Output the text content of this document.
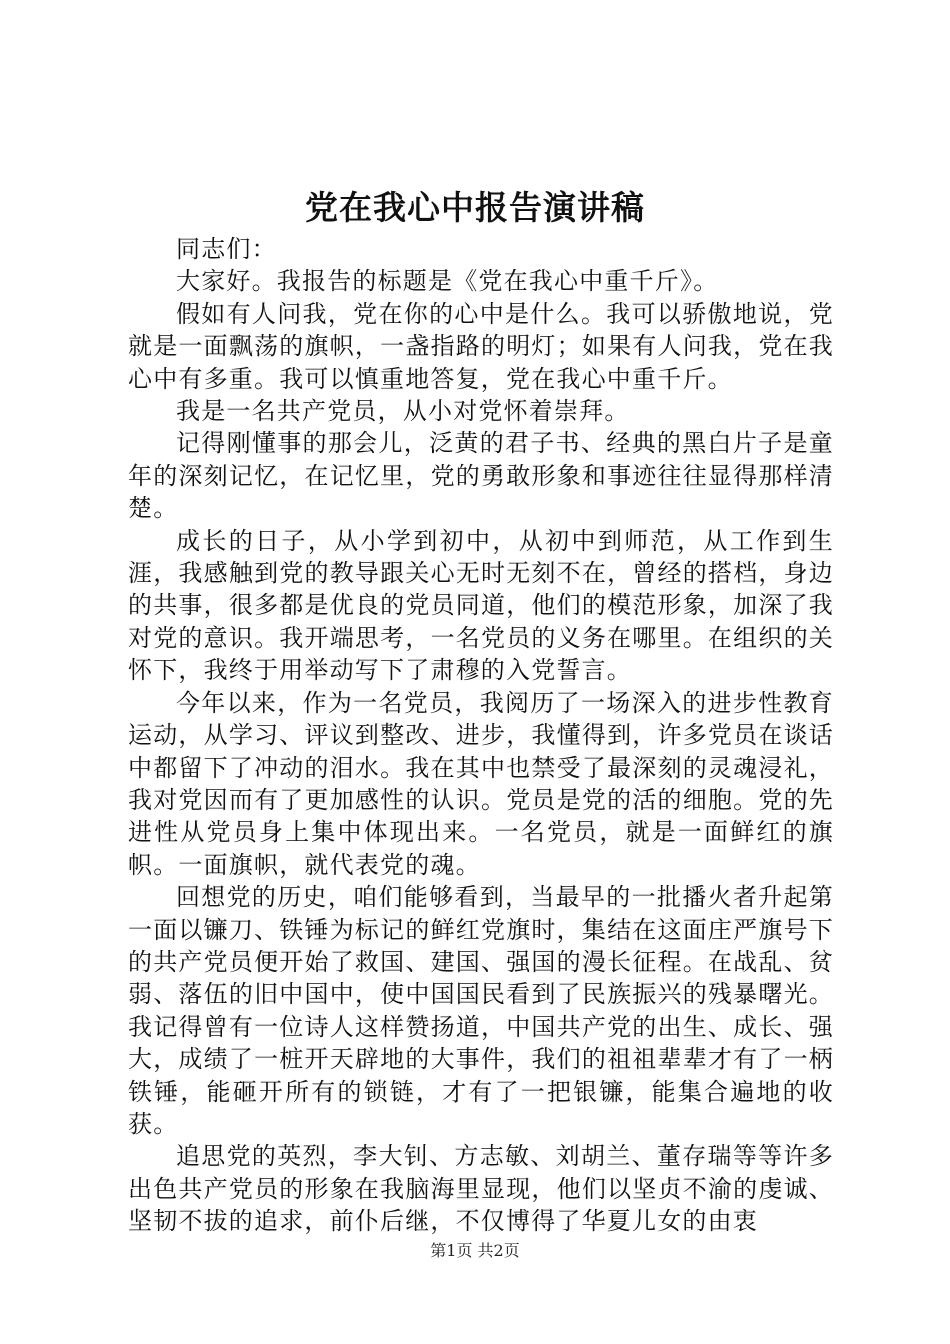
党在我心中报告演讲稿

同志们：

大家好。我报告的标题是《党在我心中重千斤》。

假如有人问我，党在你的心中是什么。我可以骄傲地说，党就是一面飘荡的旗帜，一盏指路的明灯；如果有人问我，党在我心中有多重。我可以慎重地答复，党在我心中重千斤。

我是一名共产党员，从小对党怀着崇拜。

记得刚懂事的那会儿，泛黄的君子书、经典的黑白片子是童年的深刻记忆，在记忆里，党的勇敢形象和事迹往往显得那样清楚。

成长的日子，从小学到初中，从初中到师范，从工作到生涯，我感触到党的教导跟关心无时无刻不在，曾经的搭档，身边的共事，很多都是优良的党员同道，他们的模范形象，加深了我对党的意识。我开端思考，一名党员的义务在哪里。在组织的关怀下，我终于用举动写下了肃穆的入党誓言。

今年以来，作为一名党员，我阅历了一场深入的进步性教育运动，从学习、评议到整改、进步，我懂得到，许多党员在谈话中都留下了冲动的泪水。我在其中也禁受了最深刻的灵魂浸礼，我对党因而有了更加感性的认识。党员是党的活的细胞。党的先进性从党员身上集中体现出来。一名党员，就是一面鲜红的旗帜。一面旗帜，就代表党的魂。

回想党的历史，咱们能够看到，当最早的一批播火者升起第一面以镰刀、铁锤为标记的鲜红党旗时，集结在这面庄严旗号下的共产党员便开始了救国、建国、强国的漫长征程。在战乱、贫弱、落伍的旧中国中，使中国国民看到了民族振兴的残暴曙光。我记得曾有一位诗人这样赞扬道，中国共产党的出生、成长、强大，成绩了一桩开天辟地的大事件，我们的祖祖辈辈才有了一柄铁锤，能砸开所有的锁链，才有了一把银镰，能集合遍地的收获。

追思党的英烈，李大钊、方志敏、刘胡兰、董存瑞等等许多出色共产党员的形象在我脑海里显现，他们以坚贞不渝的虔诚、坚韧不拔的追求，前仆后继，不仅博得了华夏儿女的由衷

第1页 共2页
